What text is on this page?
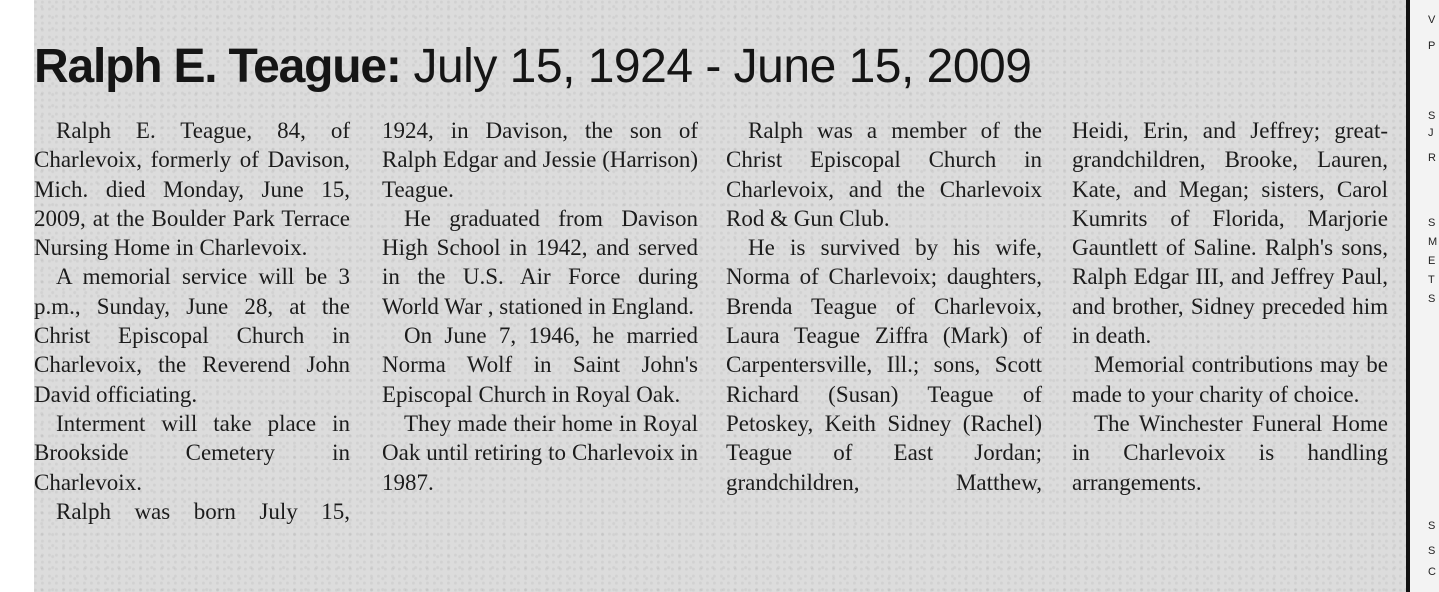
V
P
S
J
R
S
M
E
T
S
S
S
C
Ralph E. Teague: July 15, 1924 - June 15, 2009

Ralph E. Teague, 84, of Charlevoix, formerly of Davison, Mich. died Monday, June 15, 2009, at the Boulder Park Terrace Nursing Home in Charlevoix.

A memorial service will be 3 p.m., Sunday, June 28, at the Christ Episcopal Church in Charlevoix, the Reverend John David officiating.

Interment will take place in Brookside Cemetery in Charlevoix.

Ralph was born July 15,

1924, in Davison, the son of Ralph Edgar and Jessie (Harrison) Teague.

He graduated from Davison High School in 1942, and served in the U.S. Air Force during World War , stationed in England.

On June 7, 1946, he married Norma Wolf in Saint John's Episcopal Church in Royal Oak.

They made their home in Royal Oak until retiring to Charlevoix in 1987.

Ralph was a member of the Christ Episcopal Church in Charlevoix, and the Charlevoix Rod & Gun Club.

He is survived by his wife, Norma of Charlevoix; daughters, Brenda Teague of Charlevoix, Laura Teague Ziffra (Mark) of Carpentersville, Ill.; sons, Scott Richard (Susan) Teague of Petoskey, Keith Sidney (Rachel) Teague of East Jordan; grandchildren, Matthew,

Heidi, Erin, and Jeffrey; great-grandchildren, Brooke, Lauren, Kate, and Megan; sisters, Carol Kumrits of Florida, Marjorie Gauntlett of Saline. Ralph's sons, Ralph Edgar III, and Jeffrey Paul, and brother, Sidney preceded him in death.

Memorial contributions may be made to your charity of choice.

The Winchester Funeral Home in Charlevoix is handling arrangements.
